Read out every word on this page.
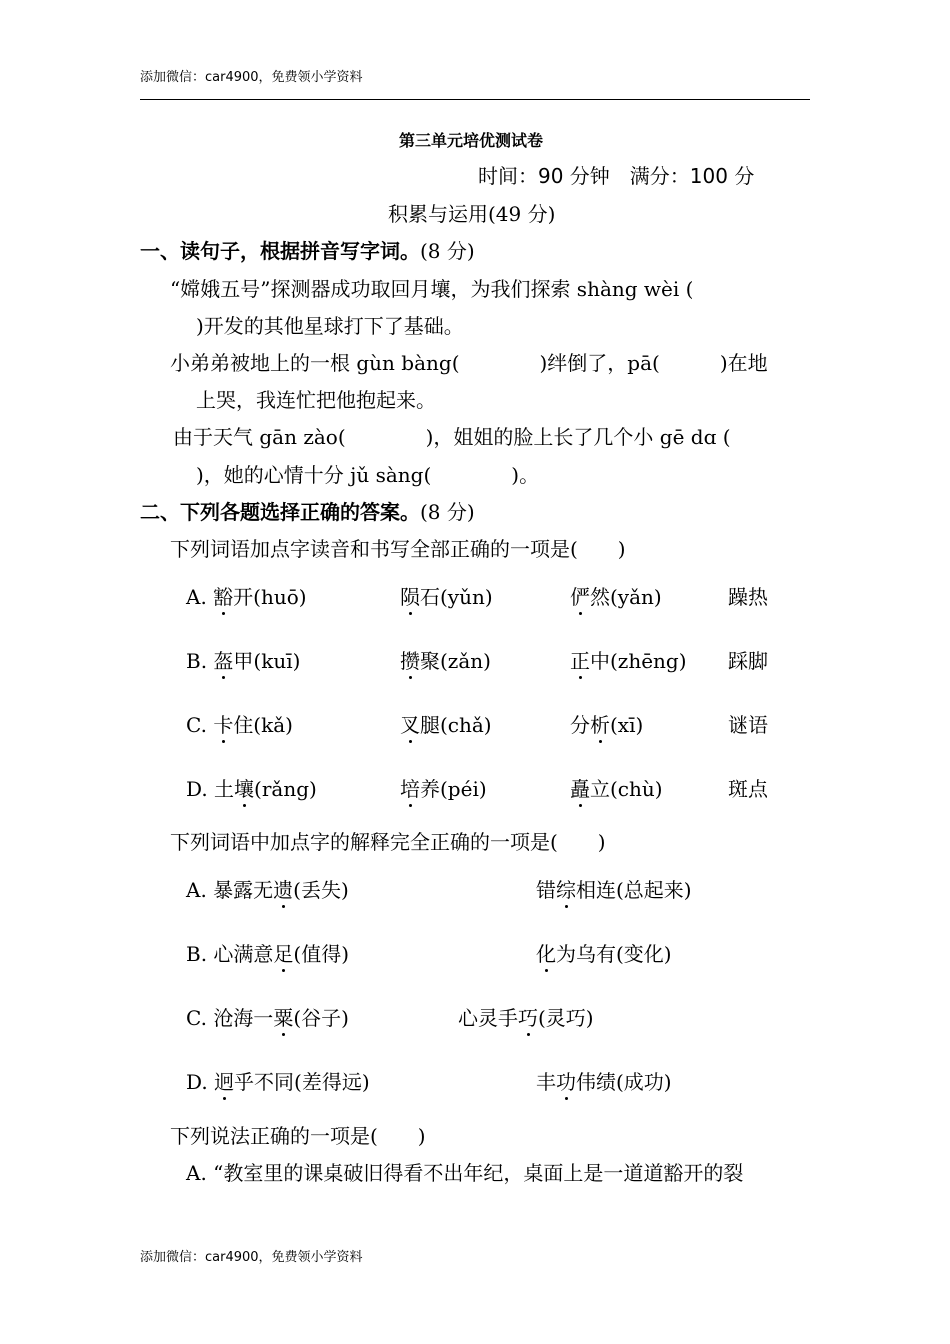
添加微信：car4900，免费领小学资料
第三单元培优测试卷
时间：90 分钟　满分：100 分
积累与运用(49 分)
一、读句子，根据拼音写字词。(8 分)
“嫦娥五号”探测器成功取回月壤，为我们探索 shàng wèi (
)开发的其他星球打下了基础。
小弟弟被地上的一根 gùn bàng(　　　　)绊倒了，pā(　　　)在地
上哭，我连忙把他抱起来。
由于天气 gān zào(　　　　)，姐姐的脸上长了几个小 gē dɑ (
)，她的心情十分 jǔ sàng(　　　　)。
二、下列各题选择正确的答案。(8 分)
下列词语加点字读音和书写全部正确的一项是(　　)
A. 豁开(huō)	陨石(yǔn)	俨然(yǎn)	躁热
B. 盔甲(kuī)	攒聚(zǎn)	正中(zhēng) 踩脚
C. 卡住(kǎ)	叉腿(chǎ)	分析(xī)	谜语
D. 土壤(rǎng)	培养(péi)	矗立(chù)	斑点
下列词语中加点字的解释完全正确的一项是(　　)
A. 暴露无遗(丢失)	错综相连(总起来)
B. 心满意足(值得)	化为乌有(变化)
C. 沧海一粟(谷子)	心灵手巧(灵巧)
D. 迥乎不同(差得远)	丰功伟绩(成功)
下列说法正确的一项是(　　)
A. “教室里的课桌破旧得看不出年纪，桌面上是一道道豁开的裂
添加微信：car4900，免费领小学资料
